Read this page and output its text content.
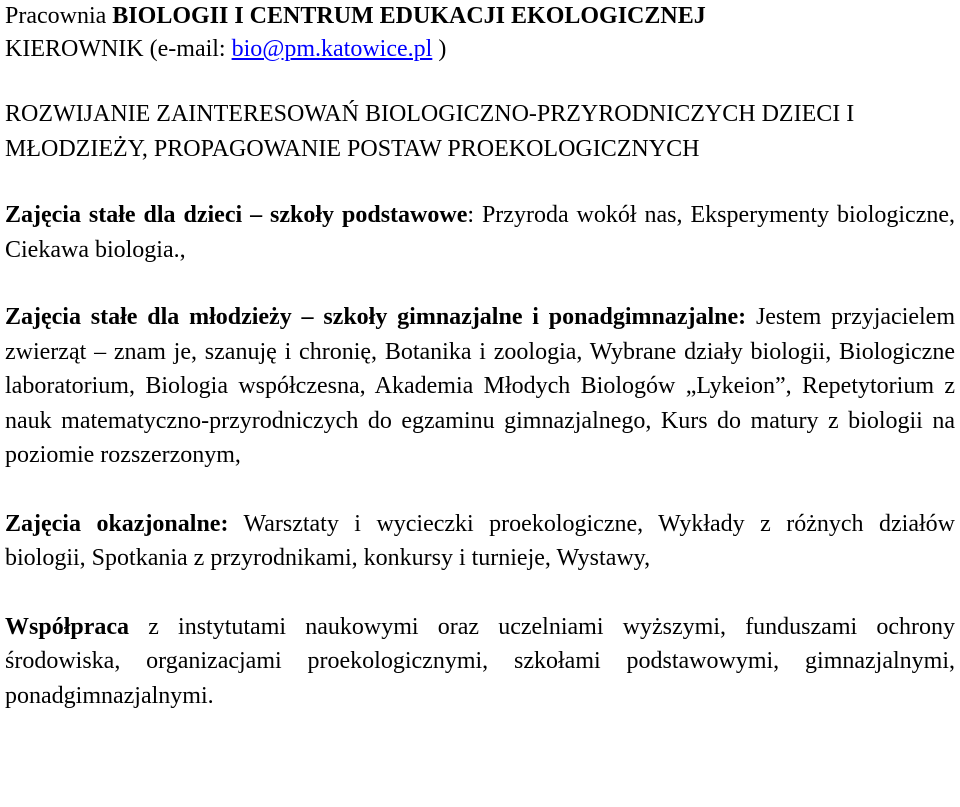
Pracownia BIOLOGII I CENTRUM EDUKACJI EKOLOGICZNEJ

KIEROWNIK (e-mail: bio@pm.katowice.pl )

ROZWIJANIE ZAINTERESOWAŃ BIOLOGICZNO-PRZYRODNICZYCH DZIECI I MŁODZIEŻY, PROPAGOWANIE POSTAW PROEKOLOGICZNYCH

Zajęcia stałe dla dzieci – szkoły podstawowe: Przyroda wokół nas, Eksperymenty biologiczne, Ciekawa biologia.,

Zajęcia stałe dla młodzieży – szkoły gimnazjalne i ponadgimnazjalne: Jestem przyjacielem zwierząt – znam je, szanuję i chronię, Botanika i zoologia, Wybrane działy biologii, Biologiczne laboratorium, Biologia współczesna, Akademia Młodych Biologów „Lykeion”, Repetytorium z nauk matematyczno-przyrodniczych do egzaminu gimnazjalnego, Kurs do matury z biologii na poziomie rozszerzonym,

Zajęcia okazjonalne: Warsztaty i wycieczki proekologiczne, Wykłady z różnych działów biologii, Spotkania z przyrodnikami, konkursy i turnieje, Wystawy,

Współpraca z instytutami naukowymi oraz uczelniami wyższymi, funduszami ochrony środowiska, organizacjami proekologicznymi, szkołami podstawowymi, gimnazjalnymi, ponadgimnazjalnymi.
